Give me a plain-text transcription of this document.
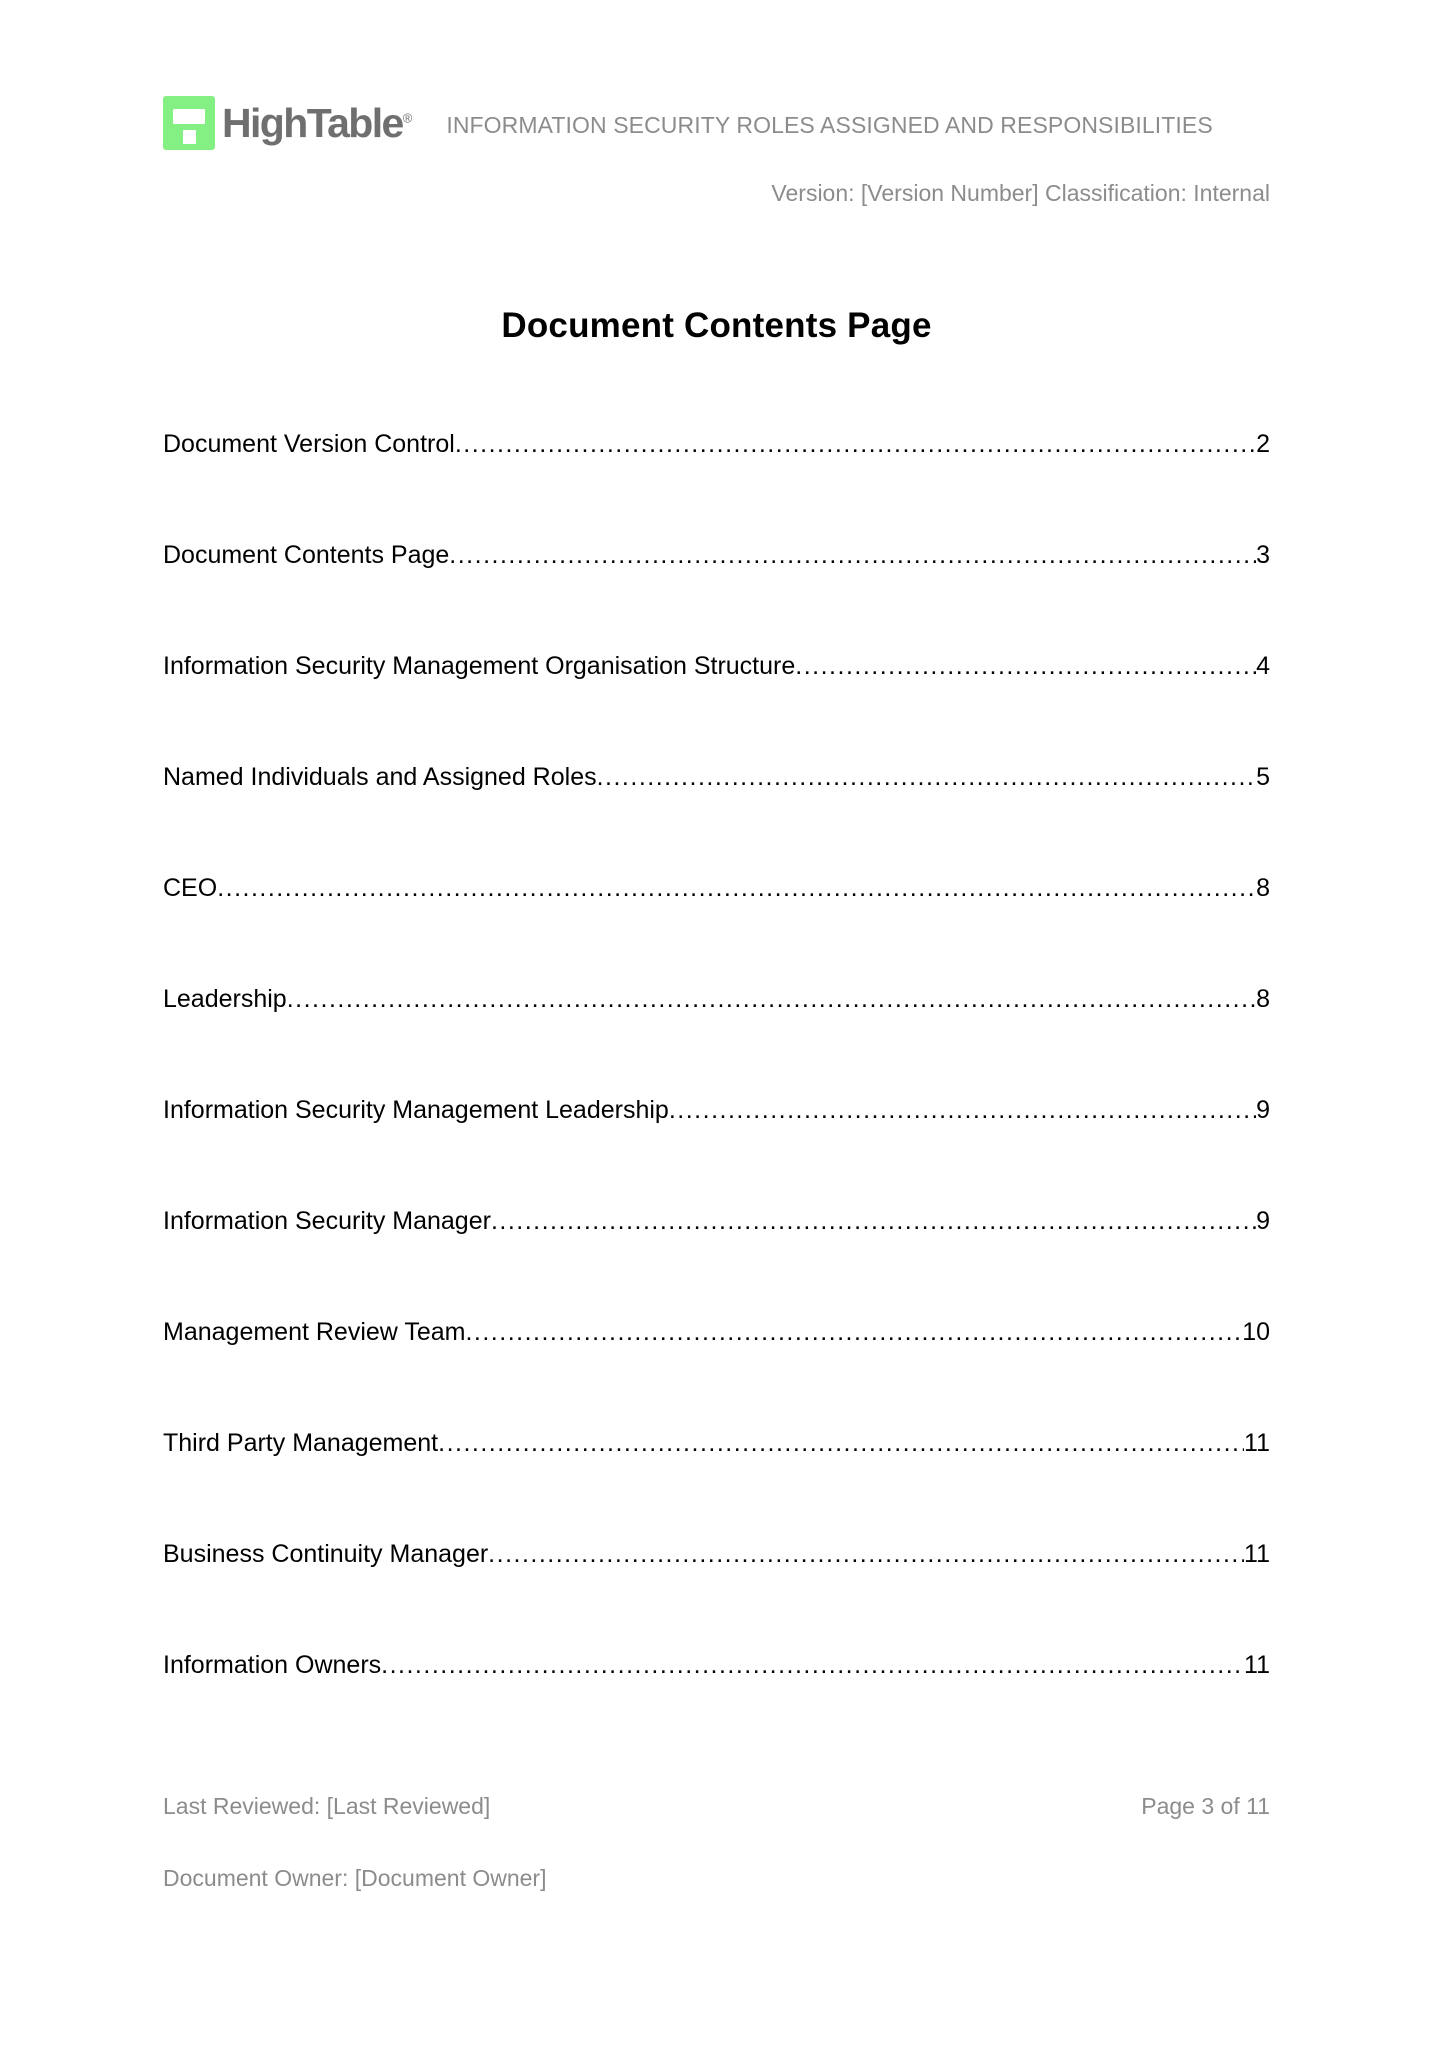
HighTable® INFORMATION SECURITY ROLES ASSIGNED AND RESPONSIBILITIES
Version: [Version Number] Classification: Internal
Document Contents Page
Document Version Control .....	2
Document Contents Page .....	3
Information Security Management Organisation Structure .....	4
Named Individuals and Assigned Roles .....	5
CEO .....	8
Leadership .....	8
Information Security Management Leadership .....	9
Information Security Manager .....	9
Management Review Team .....	10
Third Party Management .....	11
Business Continuity Manager .....	11
Information Owners .....	11
Last Reviewed: [Last Reviewed]	Page 3 of 11
Document Owner: [Document Owner]
